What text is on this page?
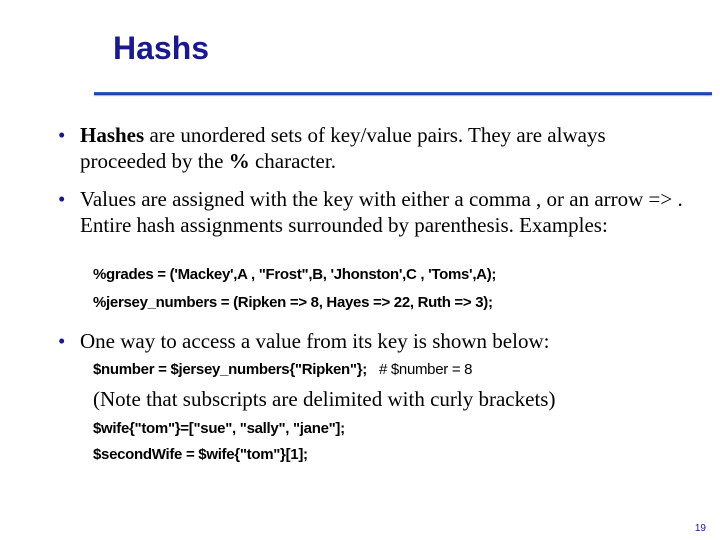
Hashs
• Hashes are unordered sets of key/value pairs. They are always proceeded by the % character.
• Values are assigned with the key with either a comma , or an arrow => . Entire hash assignments surrounded by parenthesis. Examples:
%grades = ('Mackey',A , "Frost",B, 'Jhonston',C , 'Toms',A);
%jersey_numbers = (Ripken => 8, Hayes => 22, Ruth => 3);
• One way to access a value from its key is shown below:
$number = $jersey_numbers{"Ripken"}; # $number = 8
(Note that subscripts are delimited with curly brackets)
$wife{"tom"}=["sue", "sally", "jane"];
$secondWife = $wife{"tom"}[1];
19
